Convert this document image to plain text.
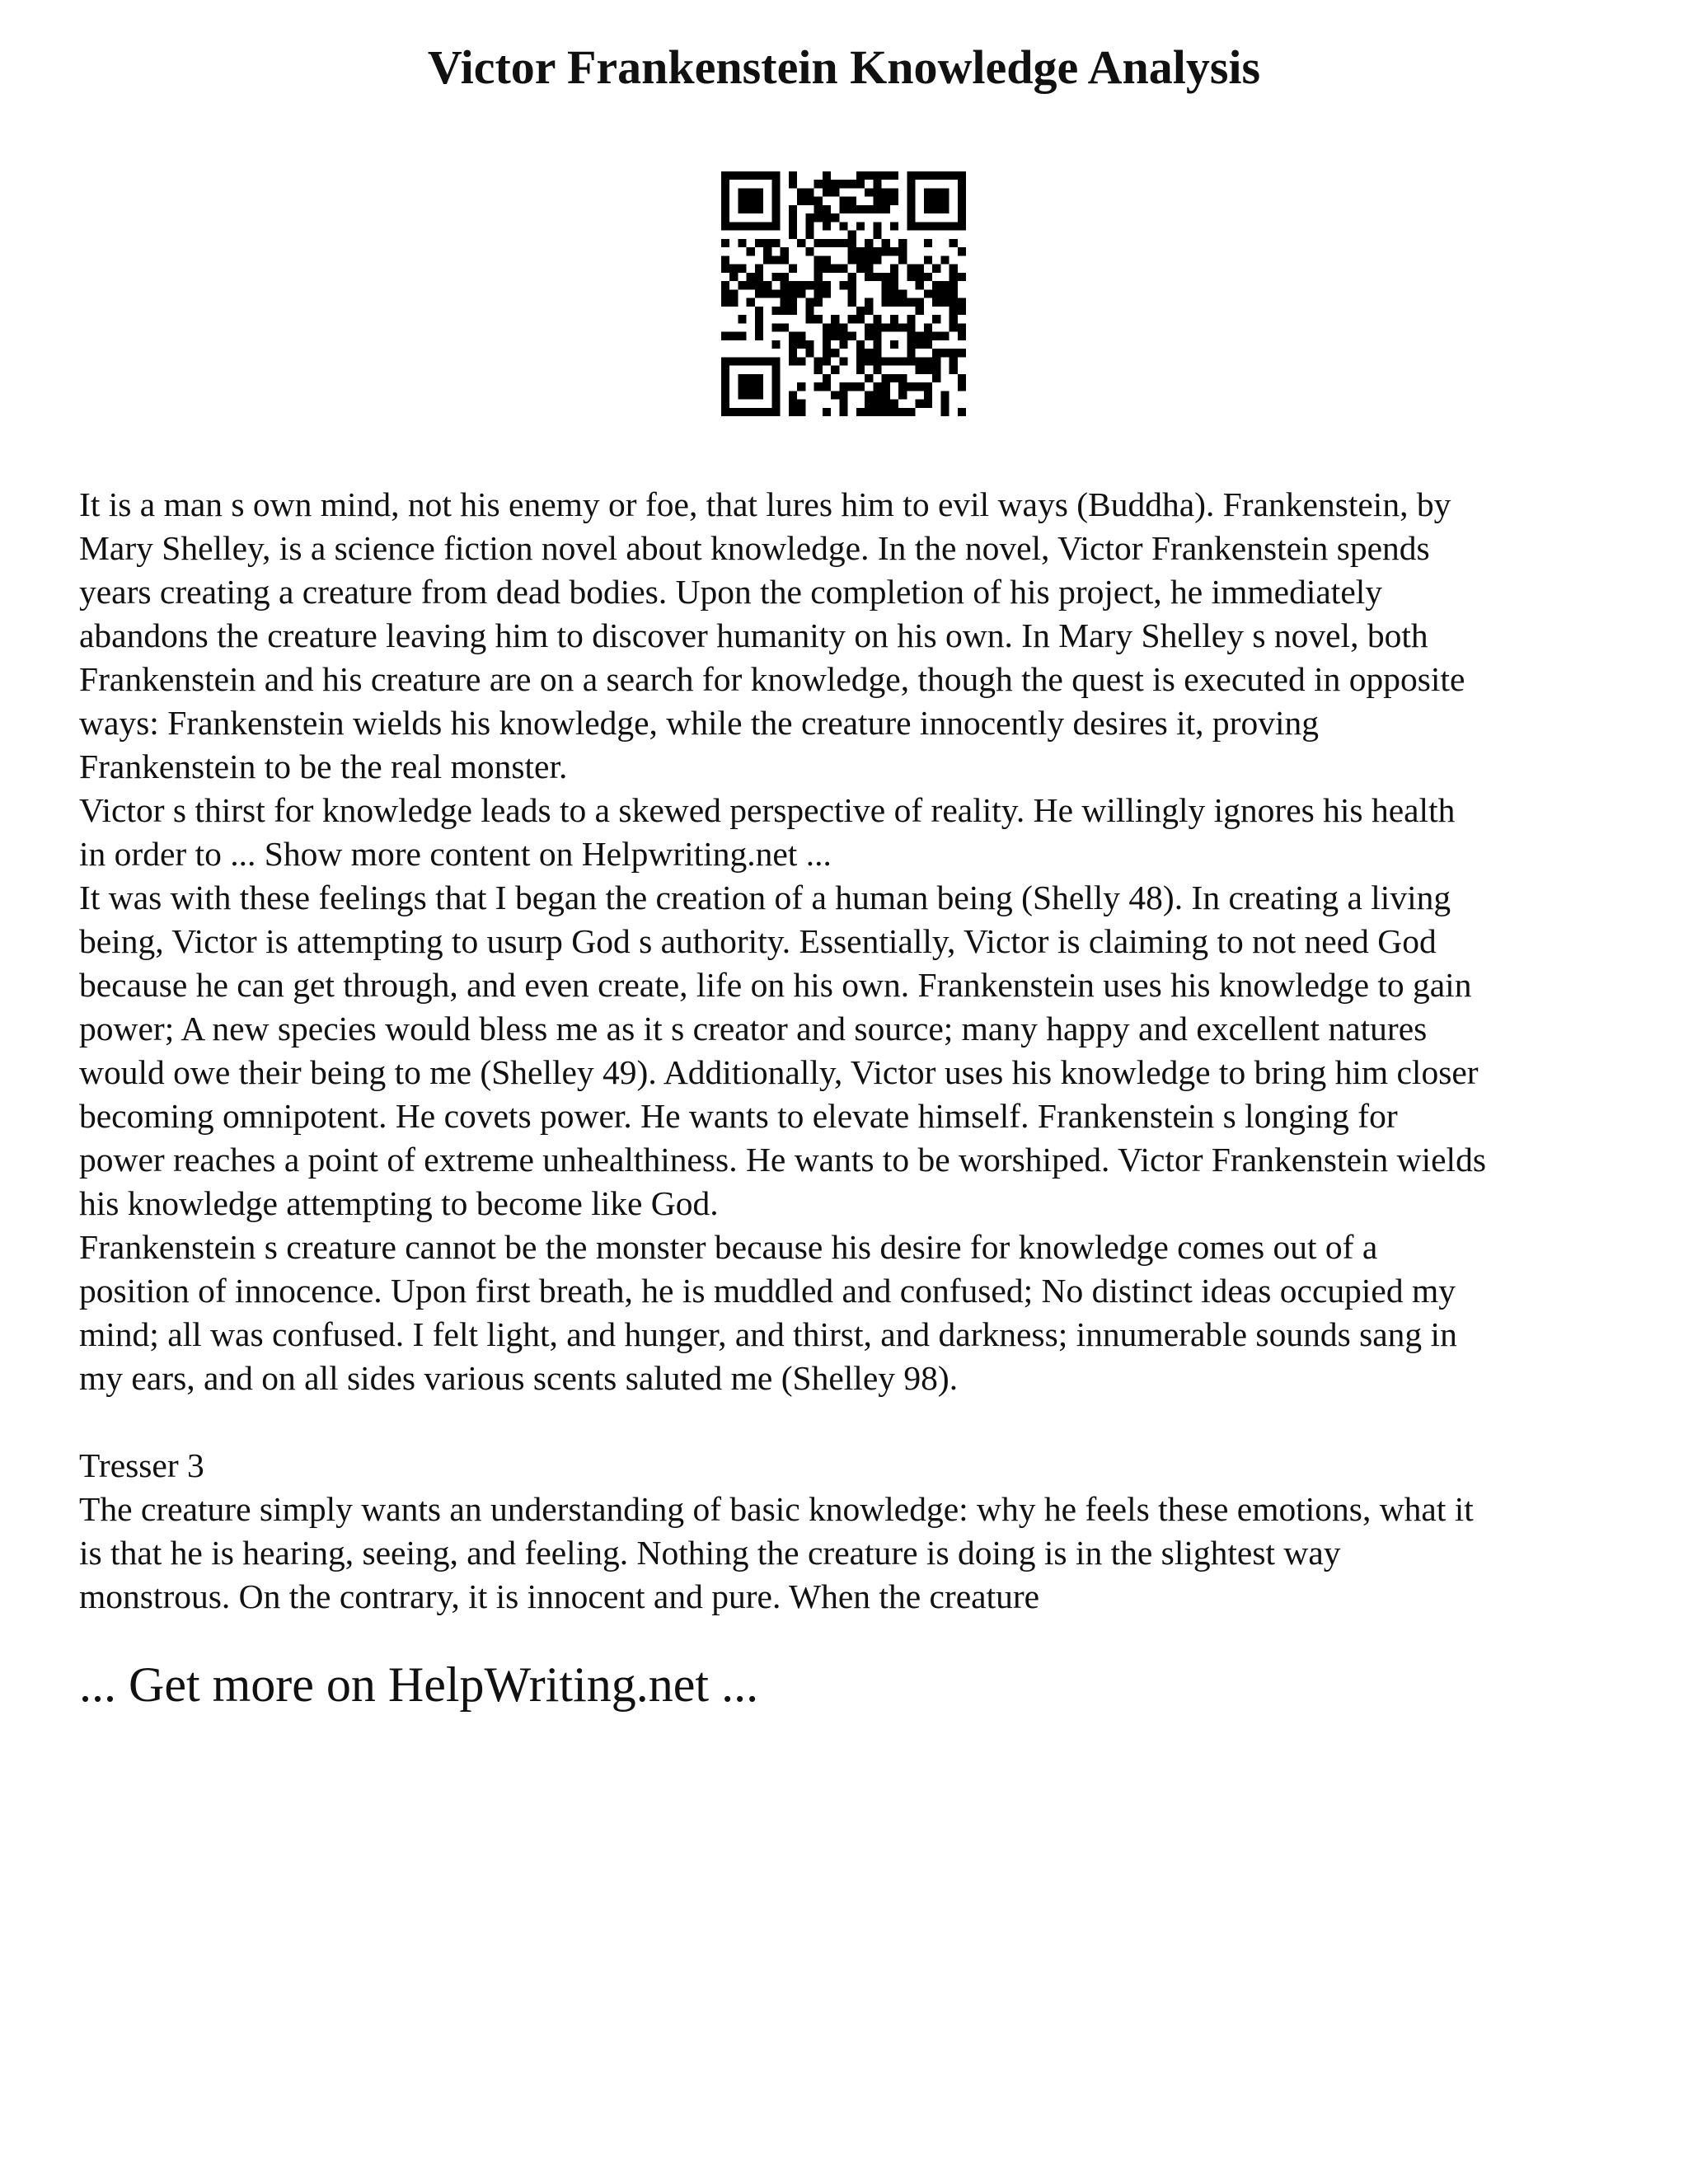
Victor Frankenstein Knowledge Analysis

It is a man s own mind, not his enemy or foe, that lures him to evil ways (Buddha). Frankenstein, by
Mary Shelley, is a science fiction novel about knowledge. In the novel, Victor Frankenstein spends
years creating a creature from dead bodies. Upon the completion of his project, he immediately
abandons the creature leaving him to discover humanity on his own. In Mary Shelley s novel, both
Frankenstein and his creature are on a search for knowledge, though the quest is executed in opposite
ways: Frankenstein wields his knowledge, while the creature innocently desires it, proving
Frankenstein to be the real monster.

Victor s thirst for knowledge leads to a skewed perspective of reality. He willingly ignores his health
in order to ... Show more content on Helpwriting.net ...

It was with these feelings that I began the creation of a human being (Shelly 48). In creating a living
being, Victor is attempting to usurp God s authority. Essentially, Victor is claiming to not need God
because he can get through, and even create, life on his own. Frankenstein uses his knowledge to gain
power; A new species would bless me as it s creator and source; many happy and excellent natures
would owe their being to me (Shelley 49). Additionally, Victor uses his knowledge to bring him closer
becoming omnipotent. He covets power. He wants to elevate himself. Frankenstein s longing for
power reaches a point of extreme unhealthiness. He wants to be worshiped. Victor Frankenstein wields
his knowledge attempting to become like God.

Frankenstein s creature cannot be the monster because his desire for knowledge comes out of a
position of innocence. Upon first breath, he is muddled and confused; No distinct ideas occupied my
mind; all was confused. I felt light, and hunger, and thirst, and darkness; innumerable sounds sang in
my ears, and on all sides various scents saluted me (Shelley 98).

Tresser 3

The creature simply wants an understanding of basic knowledge: why he feels these emotions, what it
is that he is hearing, seeing, and feeling. Nothing the creature is doing is in the slightest way
monstrous. On the contrary, it is innocent and pure. When the creature

... Get more on HelpWriting.net ...
